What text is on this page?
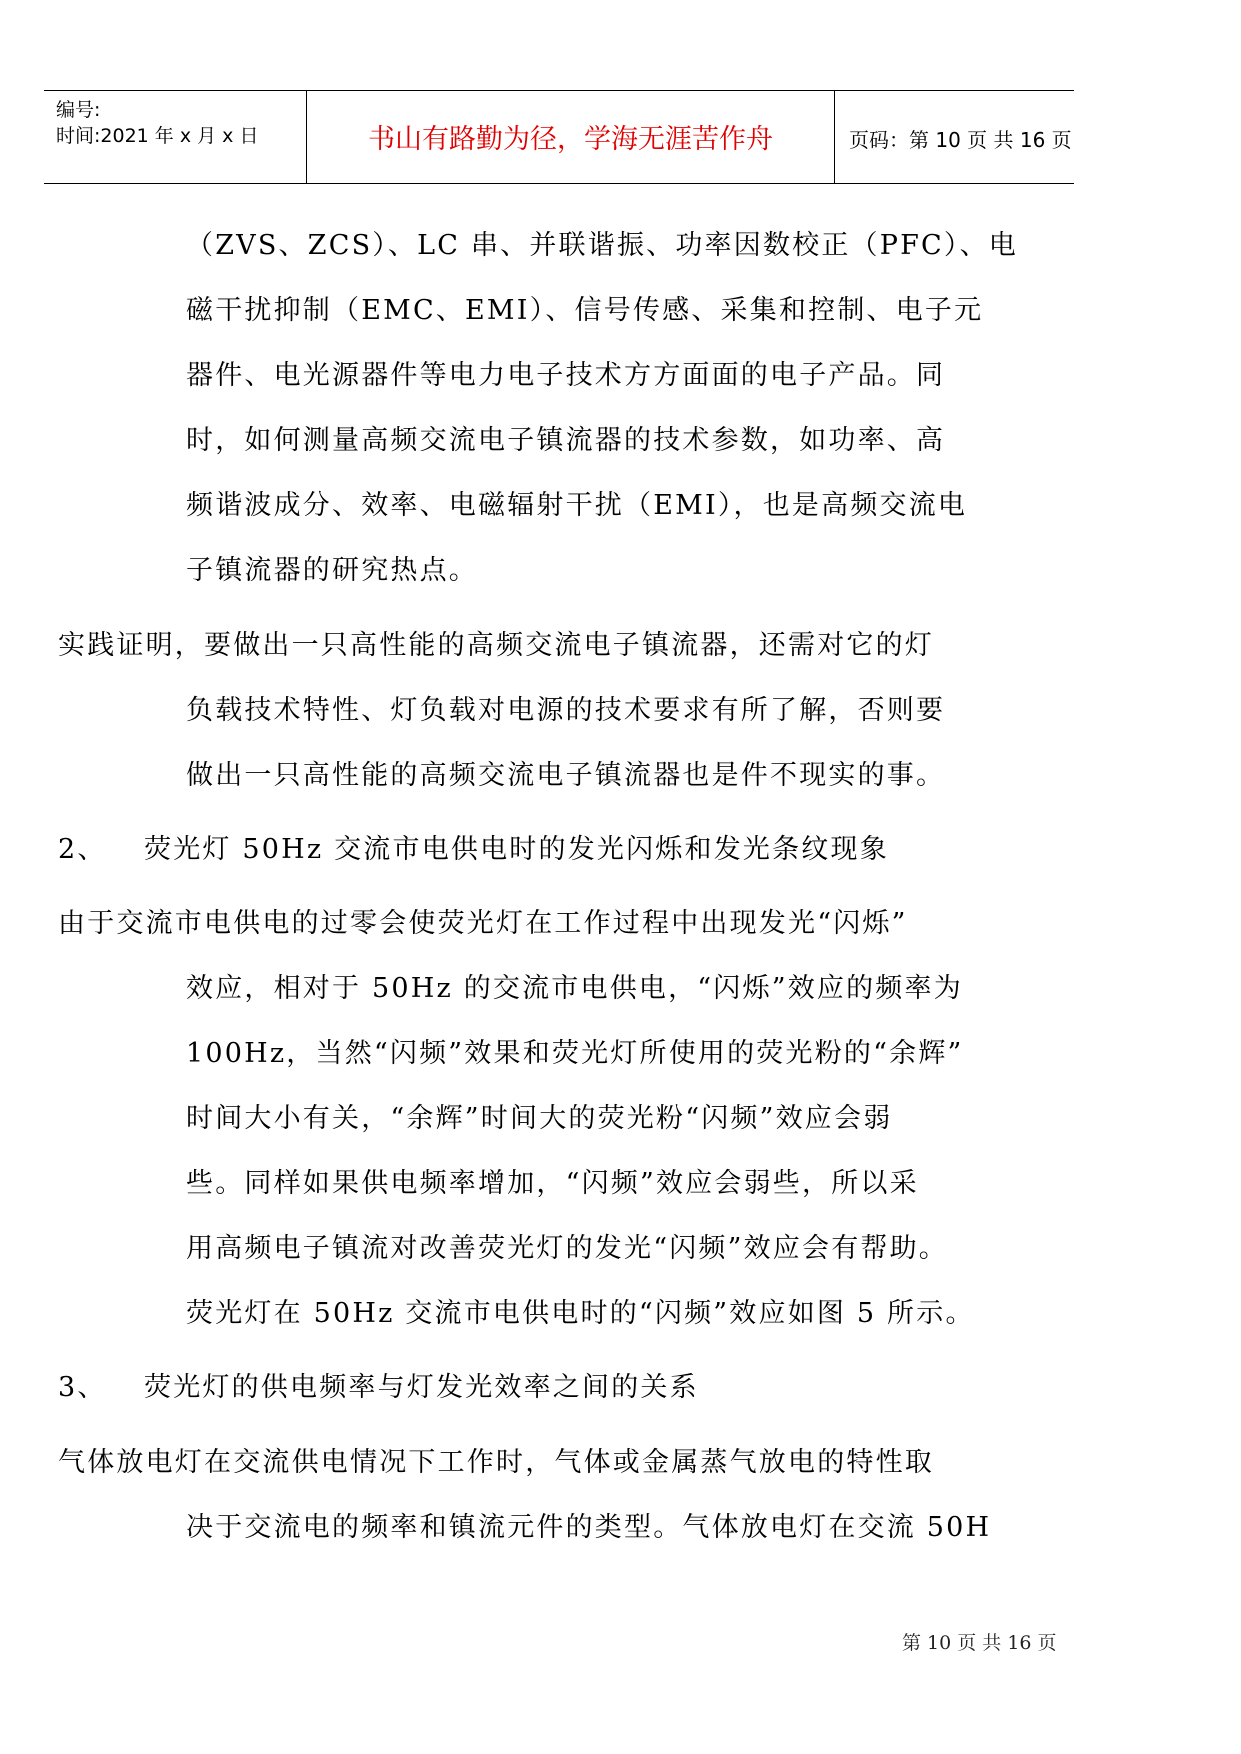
编号:
时间:2021 年 x 月 x 日	书山有路勤为径，学海无涯苦作舟	页码：第 10 页 共 16 页
（ZVS、ZCS）、LC 串、并联谐振、功率因数校正（PFC）、电
磁干扰抑制（EMC、EMI）、信号传感、采集和控制、电子元
器件、电光源器件等电力电子技术方方面面的电子产品。同
时，如何测量高频交流电子镇流器的技术参数，如功率、高
频谐波成分、效率、电磁辐射干扰（EMI），也是高频交流电
子镇流器的研究热点。
实践证明，要做出一只高性能的高频交流电子镇流器，还需对它的灯
负载技术特性、灯负载对电源的技术要求有所了解，否则要
做出一只高性能的高频交流电子镇流器也是件不现实的事。
2、 荧光灯 50Hz 交流市电供电时的发光闪烁和发光条纹现象
由于交流市电供电的过零会使荧光灯在工作过程中出现发光“闪烁”
效应，相对于 50Hz 的交流市电供电，“闪烁”效应的频率为
100Hz，当然“闪频”效果和荧光灯所使用的荧光粉的“余辉”
时间大小有关，“余辉”时间大的荧光粉“闪频”效应会弱
些。同样如果供电频率增加，“闪频”效应会弱些，所以采
用高频电子镇流对改善荧光灯的发光“闪频”效应会有帮助。
荧光灯在 50Hz 交流市电供电时的“闪频”效应如图 5 所示。
3、 荧光灯的供电频率与灯发光效率之间的关系
气体放电灯在交流供电情况下工作时，气体或金属蒸气放电的特性取
决于交流电的频率和镇流元件的类型。气体放电灯在交流 50H
第 10 页 共 16 页
